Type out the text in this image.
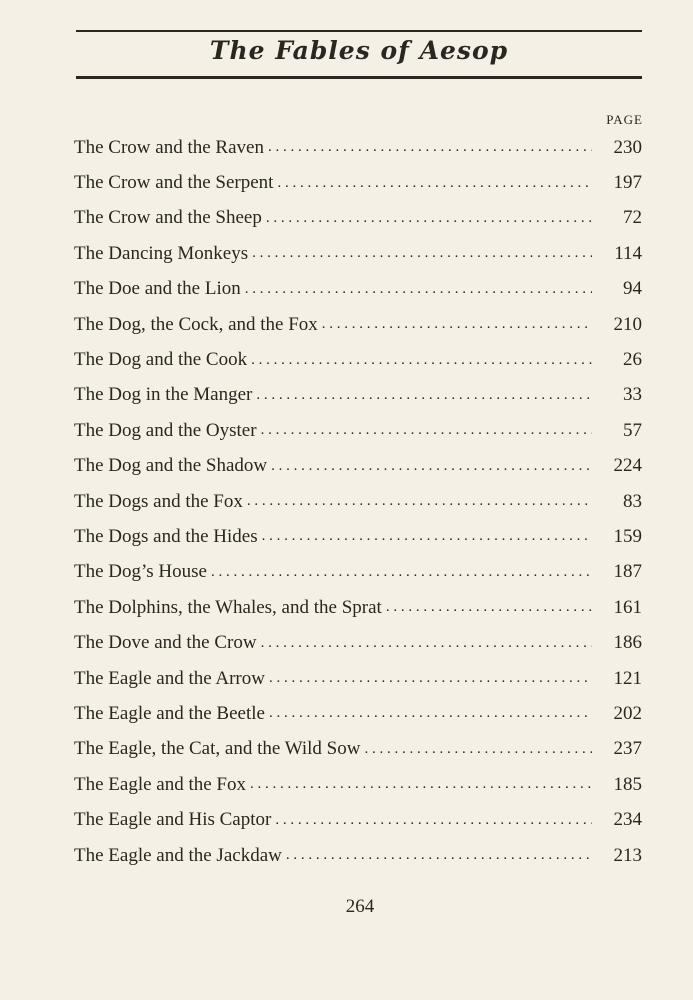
The Fables of Aesop
PAGE
The Crow and the Raven . . .	230
The Crow and the Serpent . . .	197
The Crow and the Sheep . . .	72
The Dancing Monkeys . . .	114
The Doe and the Lion . . .	94
The Dog, the Cock, and the Fox . . .	210
The Dog and the Cook . . .	26
The Dog in the Manger . . .	33
The Dog and the Oyster . . .	57
The Dog and the Shadow . . .	224
The Dogs and the Fox . . .	83
The Dogs and the Hides . . .	159
The Dog’s House . . .	187
The Dolphins, the Whales, and the Sprat . . .	161
The Dove and the Crow . . .	186
The Eagle and the Arrow . . .	121
The Eagle and the Beetle . . .	202
The Eagle, the Cat, and the Wild Sow . . .	237
The Eagle and the Fox . . .	185
The Eagle and His Captor . . .	234
The Eagle and the Jackdaw . . .	213
264
